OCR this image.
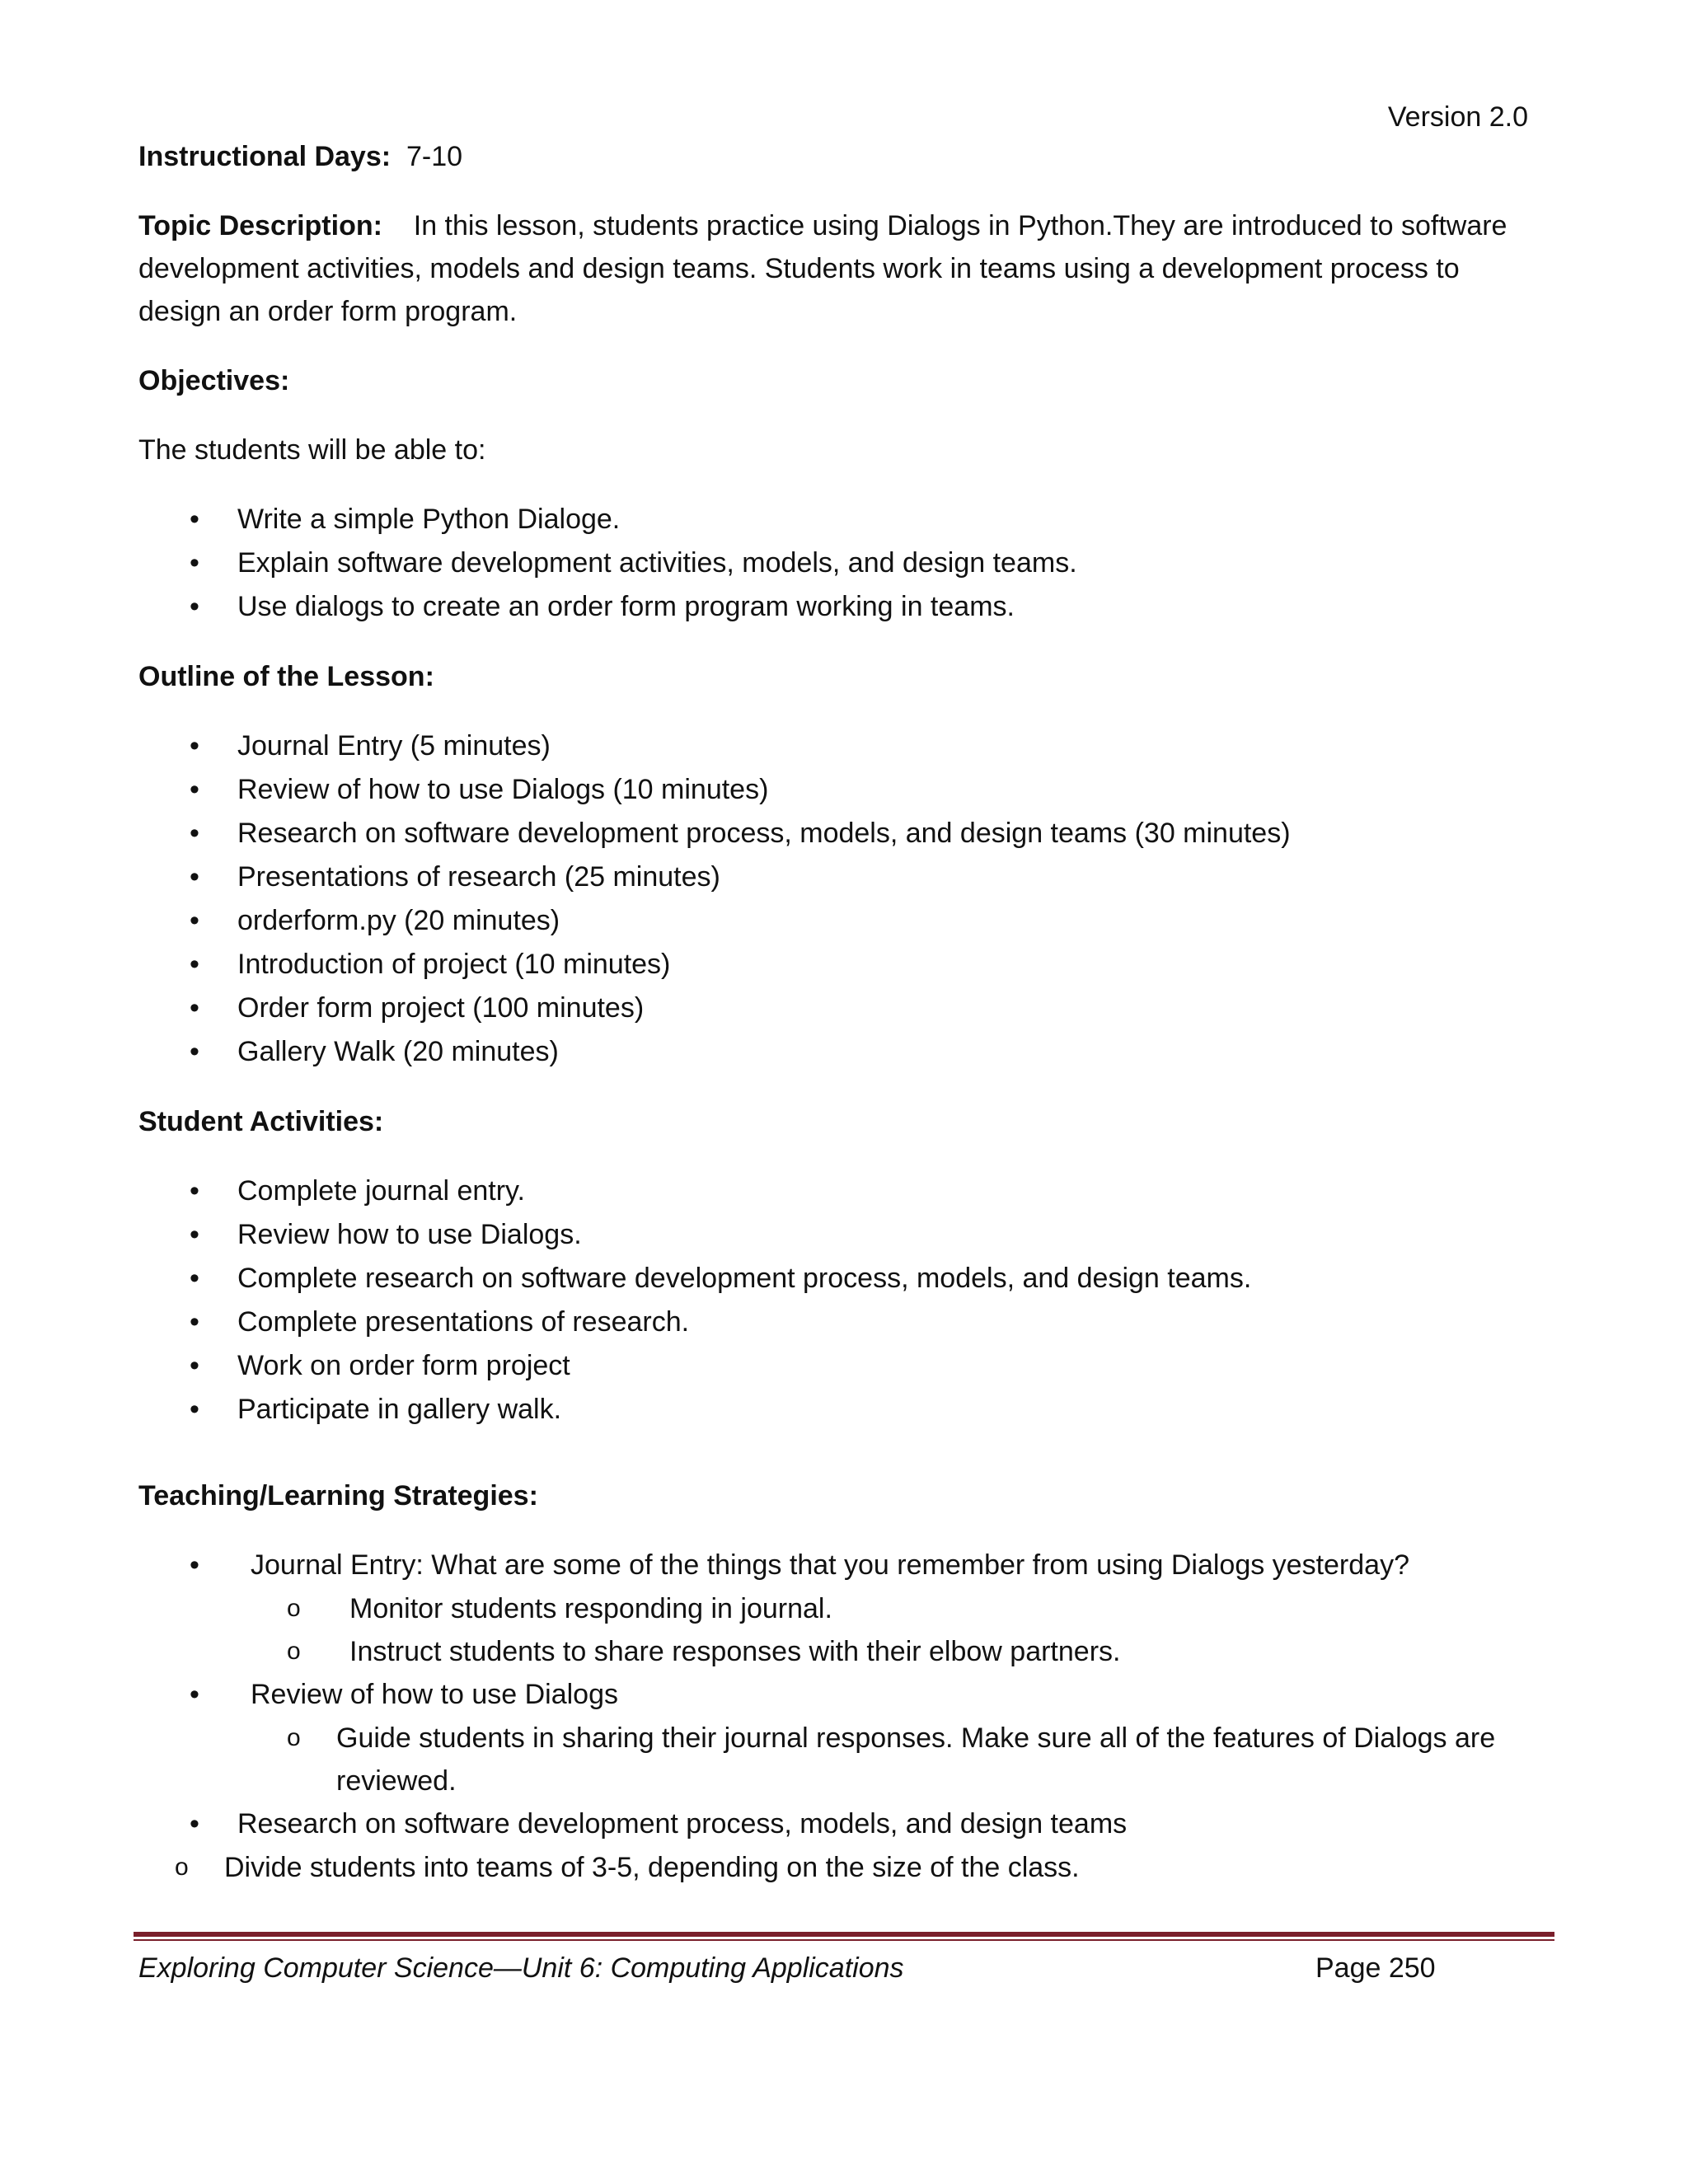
Version 2.0

Instructional Days: 7-10

Topic Description: In this lesson, students practice using Dialogs in Python.They are introduced to software development activities, models and design teams. Students work in teams using a development process to design an order form program.

Objectives:

The students will be able to:

• Write a simple Python Dialoge.
• Explain software development activities, models, and design teams.
• Use dialogs to create an order form program working in teams.

Outline of the Lesson:

• Journal Entry (5 minutes)
• Review of how to use Dialogs (10 minutes)
• Research on software development process, models, and design teams (30 minutes)
• Presentations of research (25 minutes)
• orderform.py (20 minutes)
• Introduction of project (10 minutes)
• Order form project (100 minutes)
• Gallery Walk (20 minutes)

Student Activities:

• Complete journal entry.
• Review how to use Dialogs.
• Complete research on software development process, models, and design teams.
• Complete presentations of research.
• Work on order form project
• Participate in gallery walk.

Teaching/Learning Strategies:

• Journal Entry: What are some of the things that you remember from using Dialogs yesterday?
o Monitor students responding in journal.
o Instruct students to share responses with their elbow partners.
• Review of how to use Dialogs
o Guide students in sharing their journal responses. Make sure all of the features of Dialogs are reviewed.
• Research on software development process, models, and design teams
o Divide students into teams of 3-5, depending on the size of the class.
Exploring Computer Science—Unit 6: Computing Applications	Page 250
